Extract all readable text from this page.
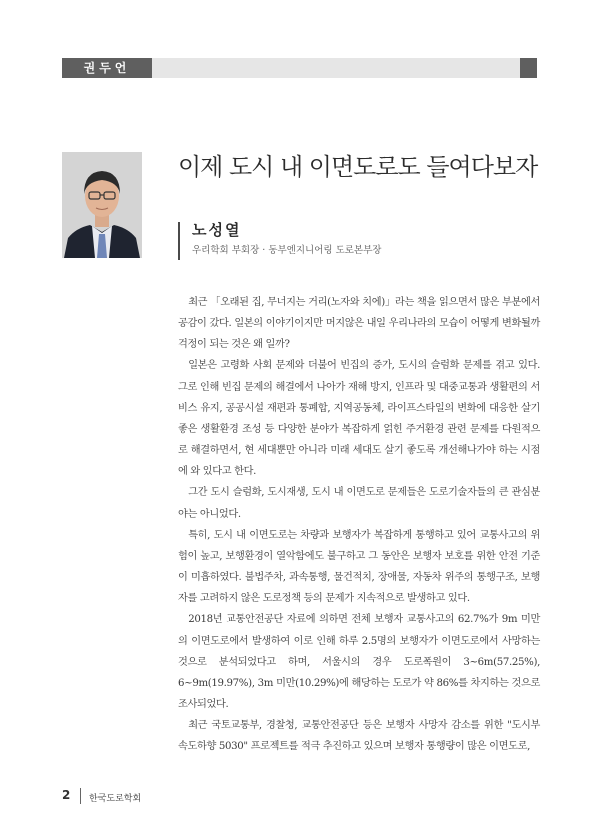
권두언
이제 도시 내 이면도로도 들여다보자
노성열
우리학회 부회장 · 동부엔지니어링 도로본부장

최근 「오래된 집, 무너지는 거리(노자와 치에)」라는 책을 읽으면서 많은 부분에서 공감이 갔다. 일본의 이야기이지만 머지않은 내일 우리나라의 모습이 어떻게 변화될까 걱정이 되는 것은 왜 일까?

일본은 고령화 사회 문제와 더불어 빈집의 증가, 도시의 슬럼화 문제를 겪고 있다. 그로 인해 빈집 문제의 해결에서 나아가 재해 방지, 인프라 및 대중교통과 생활편의 서비스 유지, 공공시설 재편과 통폐합, 지역공동체, 라이프스타일의 변화에 대응한 살기 좋은 생활환경 조성 등 다양한 분야가 복잡하게 얽힌 주거환경 관련 문제를 다원적으로 해결하면서, 현 세대뿐만 아니라 미래 세대도 살기 좋도록 개선해나가야 하는 시점에 와 있다고 한다.

그간 도시 슬럼화, 도시재생, 도시 내 이면도로 문제들은 도로기술자들의 큰 관심분야는 아니었다.

특히, 도시 내 이면도로는 차량과 보행자가 복잡하게 통행하고 있어 교통사고의 위험이 높고, 보행환경이 열악함에도 불구하고 그 동안은 보행자 보호를 위한 안전 기준이 미흡하였다. 불법주차, 과속통행, 물건적치, 장애물, 자동차 위주의 통행구조, 보행자를 고려하지 않은 도로정책 등의 문제가 지속적으로 발생하고 있다.

2018년 교통안전공단 자료에 의하면 전체 보행자 교통사고의 62.7%가 9m 미만의 이면도로에서 발생하여 이로 인해 하루 2.5명의 보행자가 이면도로에서 사망하는 것으로 분석되었다고 하며, 서울시의 경우 도로폭원이 3~6m(57.25%), 6~9m(19.97%), 3m 미만(10.29%)에 해당하는 도로가 약 86%를 차지하는 것으로 조사되었다.

최근 국토교통부, 경찰청, 교통안전공단 등은 보행자 사망자 감소를 위한 "도시부 속도하향 5030" 프로젝트를 적극 추진하고 있으며 보행자 통행량이 많은 이면도로,

2 한국도로학회
